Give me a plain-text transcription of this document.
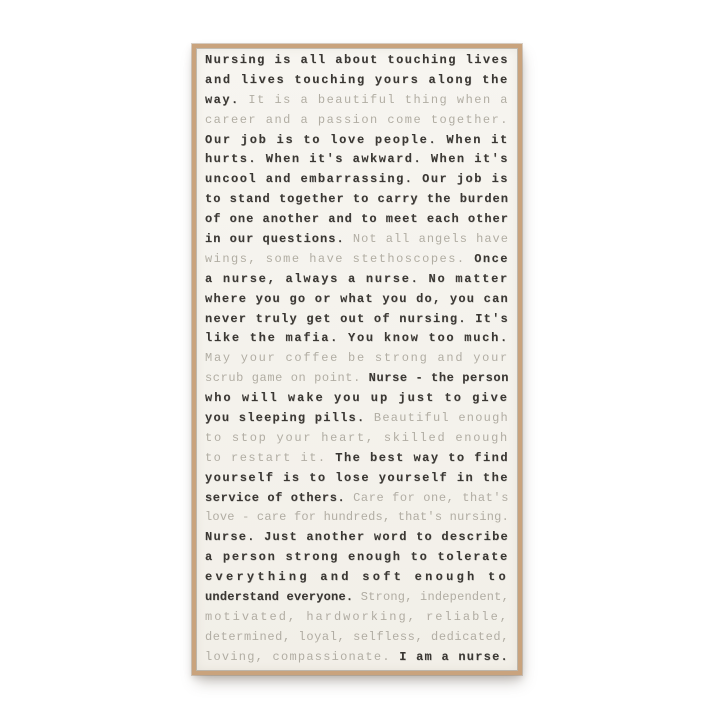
Nursing is all about touching lives
and lives touching yours along the
way. It is a beautiful thing when a
career and a passion come together.
Our job is to love people. When it
hurts. When it's awkward. When it's
uncool and embarrassing. Our job is
to stand together to carry the burden
of one another and to meet each other
in our questions. Not all angels have
wings, some have stethoscopes. Once
a nurse, always a nurse. No matter
where you go or what you do, you can
never truly get out of nursing. It's
like the mafia. You know too much.
May your coffee be strong and your
scrub game on point. Nurse - the person
who will wake you up just to give
you sleeping pills. Beautiful enough
to stop your heart, skilled enough
to restart it. The best way to find
yourself is to lose yourself in the
service of others. Care for one, that's
love - care for hundreds, that's nursing.
Nurse. Just another word to describe
a person strong enough to tolerate
everything and soft enough to
understand everyone. Strong, independent,
motivated, hardworking, reliable,
determined, loyal, selfless, dedicated,
loving, compassionate. I am a nurse.
